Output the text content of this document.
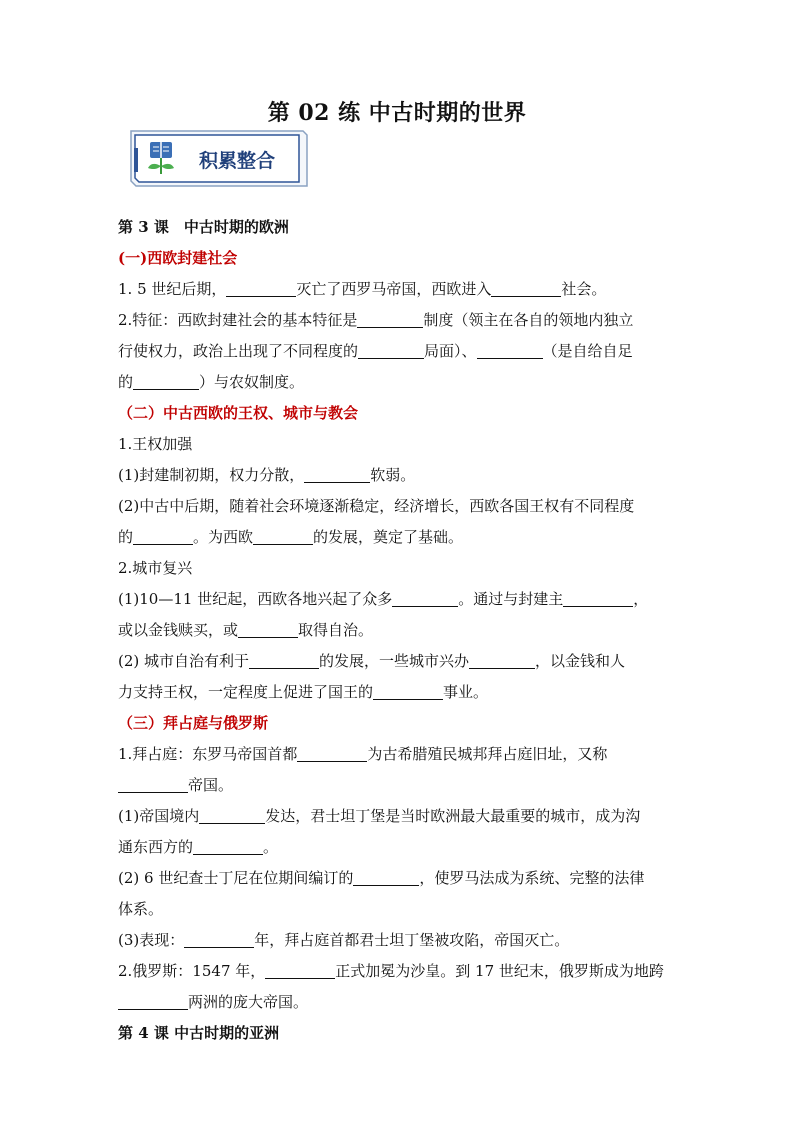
第 02 练 中古时期的世界
积累整合
第 3 课　中古时期的欧洲
(一)西欧封建社会
1. 5 世纪后期，	灭亡了西罗马帝国，西欧进入	社会。
2.特征：西欧封建社会的基本特征是	制度（领主在各自的领地内独立
行使权力，政治上出现了不同程度的	局面）、	（是自给自足
的	）与农奴制度。
（二）中古西欧的王权、城市与教会
1.王权加强
(1)封建制初期，权力分散，	软弱。
(2)中古中后期，随着社会环境逐渐稳定，经济增长，西欧各国王权有不同程度
的	。为西欧	的发展，奠定了基础。
2.城市复兴
(1)10—11 世纪起，西欧各地兴起了众多	。通过与封建主	，
或以金钱赎买，或	取得自治。
(2) 城市自治有利于	的发展，一些城市兴办	，以金钱和人
力支持王权，一定程度上促进了国王的	事业。
（三）拜占庭与俄罗斯
1.拜占庭：东罗马帝国首都	为古希腊殖民城邦拜占庭旧址，又称
帝国。
(1)帝国境内	发达，君士坦丁堡是当时欧洲最大最重要的城市，成为沟
通东西方的	。
(2) 6 世纪查士丁尼在位期间编订的	，使罗马法成为系统、完整的法律
体系。
(3)表现：	年，拜占庭首都君士坦丁堡被攻陷，帝国灭亡。
2.俄罗斯：1547 年，	正式加冕为沙皇。到 17 世纪末，俄罗斯成为地跨
两洲的庞大帝国。
第 4 课 中古时期的亚洲
